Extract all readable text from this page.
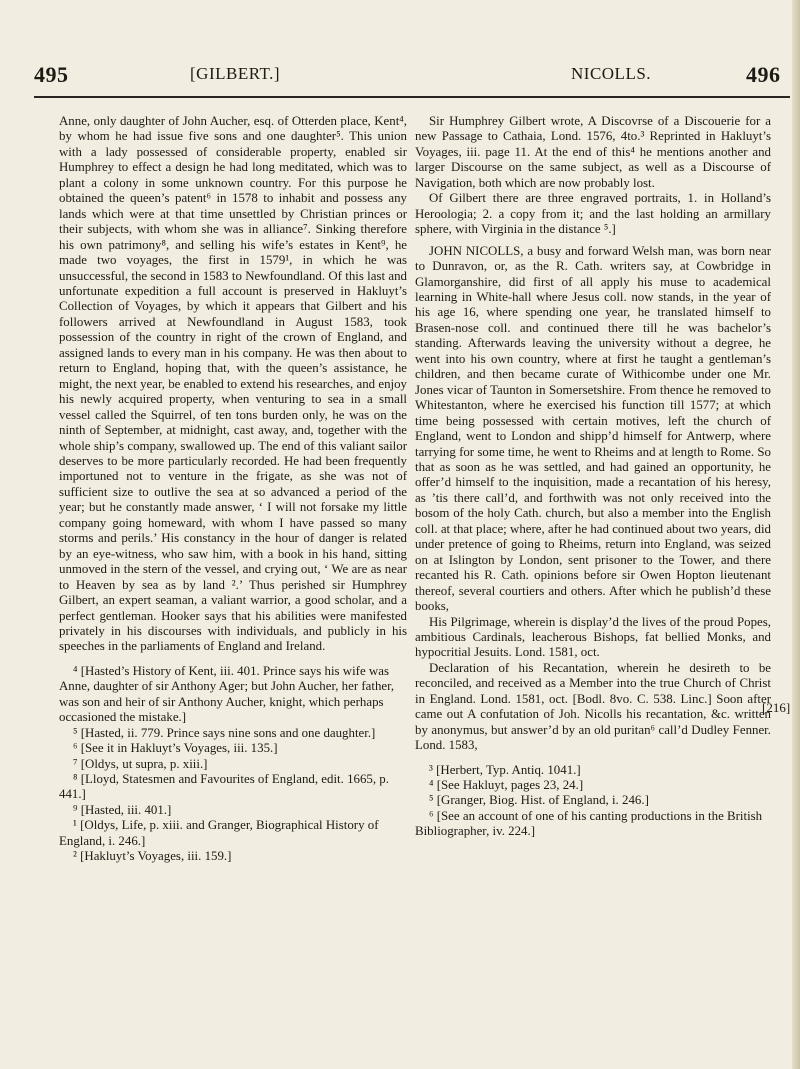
495	[GILBERT.]	NICOLLS.	496

Anne, only daughter of John Aucher, esq. of Otterden place, Kent⁴, by whom he had issue five sons and one daughter⁵. This union with a lady possessed of considerable property, enabled sir Humphrey to effect a design he had long meditated, which was to plant a colony in some unknown country. For this purpose he obtained the queen’s patent⁶ in 1578 to inhabit and possess any lands which were at that time unsettled by Christian princes or their subjects, with whom she was in alliance⁷. Sinking therefore his own patrimony⁸, and selling his wife’s estates in Kent⁹, he made two voyages, the first in 1579¹, in which he was unsuccessful, the second in 1583 to Newfoundland. Of this last and unfortunate expedition a full account is preserved in Hakluyt’s Collection of Voyages, by which it appears that Gilbert and his followers arrived at Newfoundland in August 1583, took possession of the country in right of the crown of England, and assigned lands to every man in his company. He was then about to return to England, hoping that, with the queen’s assistance, he might, the next year, be enabled to extend his researches, and enjoy his newly acquired property, when venturing to sea in a small vessel called the Squirrel, of ten tons burden only, he was on the ninth of September, at midnight, cast away, and, together with the whole ship’s company, swallowed up. The end of this valiant sailor deserves to be more particularly recorded. He had been frequently importuned not to venture in the frigate, as she was not of sufficient size to outlive the sea at so advanced a period of the year; but he constantly made answer, ‘ I will not forsake my little company going homeward, with whom I have passed so many storms and perils.’ His constancy in the hour of danger is related by an eye-witness, who saw him, with a book in his hand, sitting unmoved in the stern of the vessel, and crying out, ‘ We are as near to Heaven by sea as by land ².’ Thus perished sir Humphrey Gilbert, an expert seaman, a valiant warrior, a good scholar, and a perfect gentleman. Hooker says that his abilities were manifested privately in his discourses with individuals, and publicly in his speeches in the parliaments of England and Ireland.

⁴ [Hasted’s History of Kent, iii. 401. Prince says his wife was Anne, daughter of sir Anthony Ager; but John Aucher, her father, was son and heir of sir Anthony Aucher, knight, which perhaps occasioned the mistake.]

⁵ [Hasted, ii. 779. Prince says nine sons and one daughter.]

⁶ [See it in Hakluyt’s Voyages, iii. 135.]

⁷ [Oldys, ut supra, p. xiii.]

⁸ [Lloyd, Statesmen and Favourites of England, edit. 1665, p. 441.]

⁹ [Hasted, iii. 401.]

¹ [Oldys, Life, p. xiii. and Granger, Biographical History of England, i. 246.]

² [Hakluyt’s Voyages, iii. 159.]

Sir Humphrey Gilbert wrote, A Discovrse of a Discouerie for a new Passage to Cathaia, Lond. 1576, 4to.³ Reprinted in Hakluyt’s Voyages, iii. page 11. At the end of this⁴ he mentions another and larger Discourse on the same subject, as well as a Discourse of Navigation, both which are now probably lost.

Of Gilbert there are three engraved portraits, 1. in Holland’s Heroologia; 2. a copy from it; and the last holding an armillary sphere, with Virginia in the distance ⁵.]

JOHN NICOLLS, a busy and forward Welsh man, was born near to Dunravon, or, as the R. Cath. writers say, at Cowbridge in Glamorganshire, did first of all apply his muse to academical learning in White-hall where Jesus coll. now stands, in the year of his age 16, where spending one year, he translated himself to Brasen-nose coll. and continued there till he was bachelor’s standing. Afterwards leaving the university without a degree, he went into his own country, where at first he taught a gentleman’s children, and then became curate of Withicombe under one Mr. Jones vicar of Taunton in Somersetshire. From thence he removed to Whitestanton, where he exercised his function till 1577; at which time being possessed with certain motives, left the church of England, went to London and shipp’d himself for Antwerp, where tarrying for some time, he went to Rheims and at length to Rome. So that as soon as he was settled, and had gained an opportunity, he offer’d himself to the inquisition, made a recantation of his heresy, as ’tis there call’d, and forthwith was not only received into the bosom of the holy Cath. church, but also a member into the English coll. at that place; where, after he had continued about two years, did under pretence of going to Rheims, return into England, was seized on at Islington by London, sent prisoner to the Tower, and there recanted his R. Cath. opinions before sir Owen Hopton lieutenant thereof, several courtiers and others. After which he publish’d these books,

His Pilgrimage, wherein is display’d the lives of the proud Popes, ambitious Cardinals, leacherous Bishops, fat bellied Monks, and hypocritial Jesuits. Lond. 1581, oct.

Declaration of his Recantation, wherein he desireth to be reconciled, and received as a Member into the true Church of Christ in England. Lond. 1581, oct. [Bodl. 8vo. C. 538. Linc.] Soon after came out A confutation of Joh. Nicolls his recantation, &c. written by anonymus, but answer’d by an old puritan⁶ call’d Dudley Fenner. Lond. 1583,

³ [Herbert, Typ. Antiq. 1041.]

⁴ [See Hakluyt, pages 23, 24.]

⁵ [Granger, Biog. Hist. of England, i. 246.]

⁶ [See an account of one of his canting productions in the British Bibliographer, iv. 224.]

[216]
